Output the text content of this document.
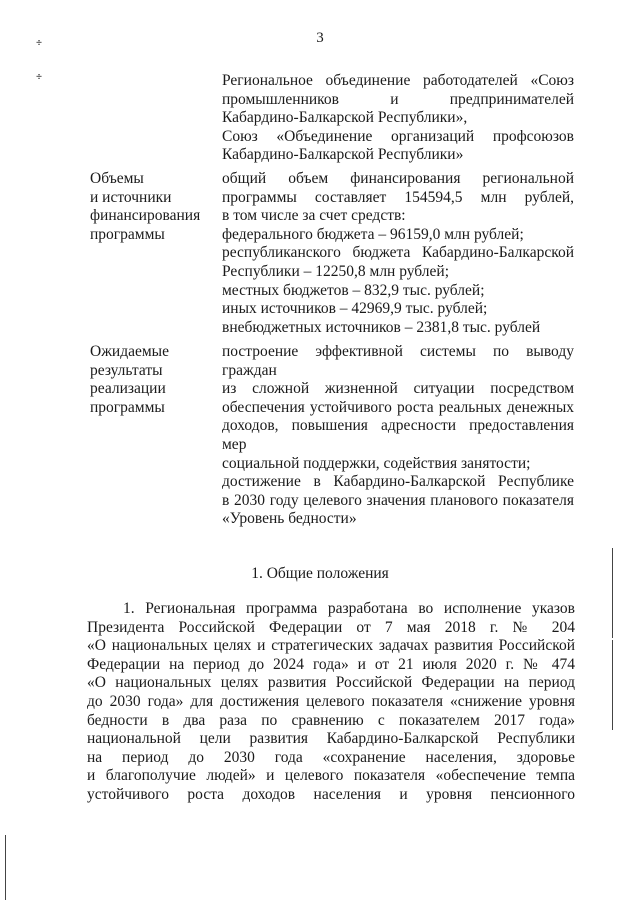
3
÷
÷	Региональное объединение работодателей «Союз
промышленников и предпринимателей
Кабардино-Балкарской Республики»,
Союз «Объединение организаций профсоюзов
Кабардино-Балкарской Республики»
Объемы
и источники
финансирования
программы
общий объем финансирования региональной
программы составляет 154594,5 млн рублей,
в том числе за счет средств:
федерального бюджета – 96159,0 млн рублей;
республиканского бюджета Кабардино-Балкарской
Республики – 12250,8 млн рублей;
местных бюджетов – 832,9 тыс. рублей;
иных источников – 42969,9 тыс. рублей;
внебюджетных источников – 2381,8 тыс. рублей
Ожидаемые
результаты
реализации
программы
построение эффективной системы по выводу граждан
из сложной жизненной ситуации посредством
обеспечения устойчивого роста реальных денежных
доходов, повышения адресности предоставления мер
социальной поддержки, содействия занятости;
достижение в Кабардино-Балкарской Республике
в 2030 году целевого значения планового показателя
«Уровень бедности»
1. Общие положения
1. Региональная программа разработана во исполнение указов
Президента Российской Федерации от 7 мая 2018 г. № 204
«О национальных целях и стратегических задачах развития Российской
Федерации на период до 2024 года» и от 21 июля 2020 г. № 474
«О национальных целях развития Российской Федерации на период
до 2030 года» для достижения целевого показателя «снижение уровня
бедности в два раза по сравнению с показателем 2017 года»
национальной цели развития Кабардино-Балкарской Республики
на период до 2030 года «сохранение населения, здоровье
и благополучие людей» и целевого показателя «обеспечение темпа
устойчивого роста доходов населения и уровня пенсионного
